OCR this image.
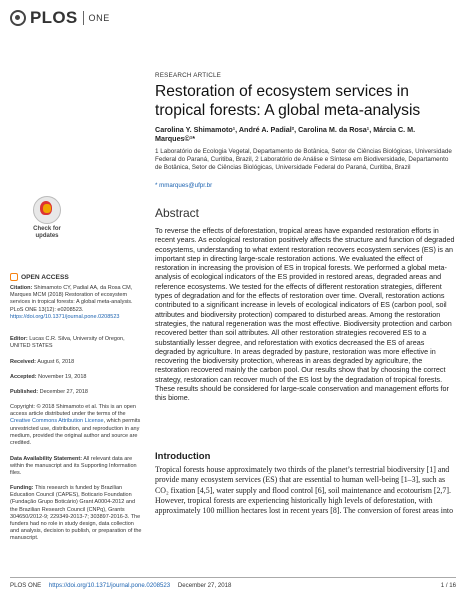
PLOS ONE
Check for updates
OPEN ACCESS
Citation: Shimamoto CY, Padial AA, da Rosa CM, Marques MCM (2018) Restoration of ecosystem services in tropical forests: A global meta-analysis. PLoS ONE 13(12): e0208523. https://doi.org/10.1371/journal.pone.0208523
Editor: Lucas C.R. Silva, University of Oregon, UNITED STATES
Received: August 6, 2018
Accepted: November 19, 2018
Published: December 27, 2018
Copyright: © 2018 Shimamoto et al. This is an open access article distributed under the terms of the Creative Commons Attribution License, which permits unrestricted use, distribution, and reproduction in any medium, provided the original author and source are credited.
Data Availability Statement: All relevant data are within the manuscript and its Supporting Information files.
Funding: This research is funded by Brazilian Education Council (CAPES), Boticario Foundation (Fundação Grupo Boticário) Grant A0004-2012 and the Brazilian Research Council (CNPq), Grants 304650/2012-9; 229349-2013-7; 303897-2016-3. The funders had no role in study design, data collection and analysis, decision to publish, or preparation of the manuscript.
RESEARCH ARTICLE
Restoration of ecosystem services in tropical forests: A global meta-analysis
Carolina Y. Shimamoto¹, André A. Padial², Carolina M. da Rosa¹, Márcia C. M. Marques©¹*
1 Laboratório de Ecologia Vegetal, Departamento de Botânica, Setor de Ciências Biológicas, Universidade Federal do Paraná, Curitiba, Brazil, 2 Laboratório de Análise e Síntese em Biodiversidade, Departamento de Botânica, Setor de Ciências Biológicas, Universidade Federal do Paraná, Curitiba, Brazil
* mmarques@ufpr.br
Abstract
To reverse the effects of deforestation, tropical areas have expanded restoration efforts in recent years. As ecological restoration positively affects the structure and function of degraded ecosystems, understanding to what extent restoration recovers ecosystem services (ES) is an important step in directing large-scale restoration actions. We evaluated the effect of restoration in increasing the provision of ES in tropical forests. We performed a global meta-analysis of ecological indicators of the ES provided in restored areas, degraded areas and reference ecosystems. We tested for the effects of different restoration strategies, different types of degradation and for the effects of restoration over time. Overall, restoration actions contributed to a significant increase in levels of ecological indicators of ES (carbon pool, soil attributes and biodiversity protection) compared to disturbed areas. Among the restoration strategies, the natural regeneration was the most effective. Biodiversity protection and carbon recovered better than soil attributes. All other restoration strategies recovered ES to a substantially lesser degree, and reforestation with exotics decreased the ES of areas degraded by agriculture. In areas degraded by pasture, restoration was more effective in recovering the biodiversity protection, whereas in areas degraded by agriculture, the restoration recovered mainly the carbon pool. Our results show that by choosing the correct strategy, restoration can recover much of the ES lost by the degradation of tropical forests. These results should be considered for large-scale conservation and management efforts for this biome.
Introduction
Tropical forests house approximately two thirds of the planet’s terrestrial biodiversity [1] and provide many ecosystem services (ES) that are essential to human well-being [1–3], such as CO₂ fixation [4,5], water supply and flood control [6], soil maintenance and ecotourism [2,7]. However, tropical forests are experiencing historically high levels of deforestation, with approximately 100 million hectares lost in recent years [8]. The conversion of forest areas into
PLOS ONE https://doi.org/10.1371/journal.pone.0208523 December 27, 2018	1 / 16
